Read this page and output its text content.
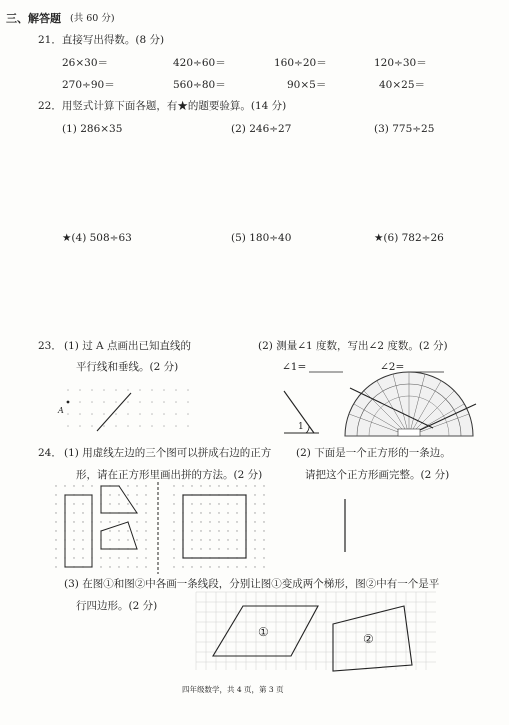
三、解答题 (共 60 分)
21．直接写出得数。(8 分)
26×30＝	420÷60＝	160÷20＝	120÷30＝
270÷90＝	560÷80＝	90×5＝	40×25＝
22．用竖式计算下面各题，有★的题要验算。(14 分)
(1) 286×35	(2) 246÷27	(3) 775÷25
★(4) 508÷63	(5) 180÷40	★(6) 782÷26
23． (1) 过 A 点画出已知直线的
平行线和垂线。(2 分)
(2) 测量∠1 度数，写出∠2 度数。(2 分)
∠1=	∠2=
A
1
24． (1) 用虚线左边的三个图可以拼成右边的正方
形，请在正方形里画出拼的方法。(2 分)
(2) 下面是一个正方形的一条边。
请把这个正方形画完整。(2 分)
(3) 在图①和图②中各画一条线段，分别让图①变成两个梯形，图②中有一个是平
行四边形。(2 分)
①	②
四年级数学，共 4 页，第 3 页
